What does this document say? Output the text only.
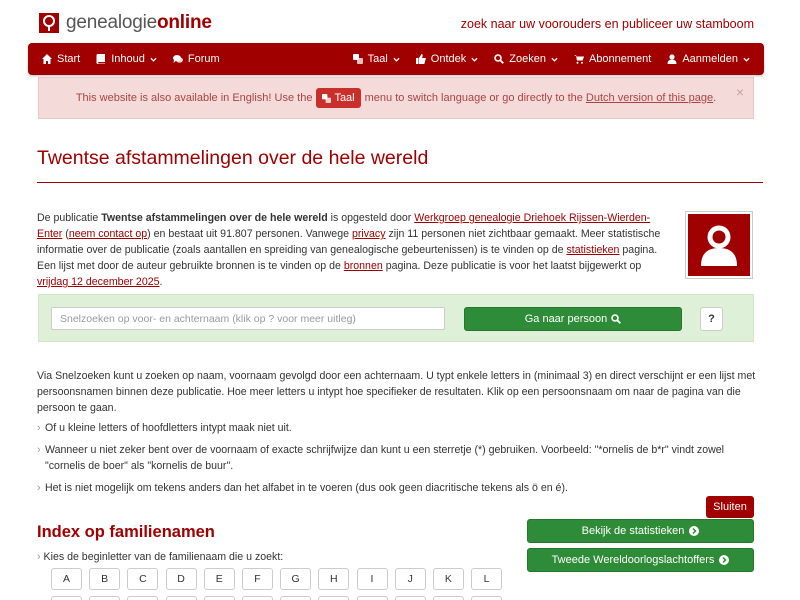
genealogieonline	zoek naar uw voorouders en publiceer uw stamboom
Start	Inhoud	Forum	Taal	Ontdek	Zoeken	Abonnement	Aanmelden
This website is also available in English! Use the Taal menu to switch language or go directly to the Dutch version of this page . ×
Twentse afstammelingen over de hele wereld
De publicatie Twentse afstammelingen over de hele wereld is opgesteld door Werkgroep genealogie Driehoek Rijssen-Wierden-Enter (neem contact op) en bestaat uit 91.807 personen. Vanwege privacy zijn 11 personen niet zichtbaar gemaakt. Meer statistische informatie over de publicatie (zoals aantallen en spreiding van genealogische gebeurtenissen) is te vinden op de statistieken pagina. Een lijst met door de auteur gebruikte bronnen is te vinden op de bronnen pagina. Deze publicatie is voor het laatst bijgewerkt op vrijdag 12 december 2025.
Snelzoeken op voor- en achternaam (klik op ? voor meer uitleg)
Ga naar persoon	?

Via Snelzoeken kunt u zoeken op naam, voornaam gevolgd door een achternaam. U typt enkele letters in (minimaal 3) en direct verschijnt er een lijst met persoonsnamen binnen deze publicatie. Hoe meer letters u intypt hoe specifieker de resultaten. Klik op een persoonsnaam om naar de pagina van die persoon te gaan.

› Of u kleine letters of hoofdletters intypt maak niet uit.
› Wanneer u niet zeker bent over de voornaam of exacte schrijfwijze dan kunt u een sterretje (*) gebruiken. Voorbeeld: "*ornelis de b*r" vindt zowel "cornelis de boer" als "kornelis de buur".
› Het is niet mogelijk om tekens anders dan het alfabet in te voeren (dus ook geen diacritische tekens als ö en é).
Sluiten
Index op familienamen
› Kies de beginletter van de familienaam die u zoekt:
A	B	C	D	E	F	G	H	I	J	K	L
Bekijk de statistieken
Tweede Wereldoorlogslachtoffers
